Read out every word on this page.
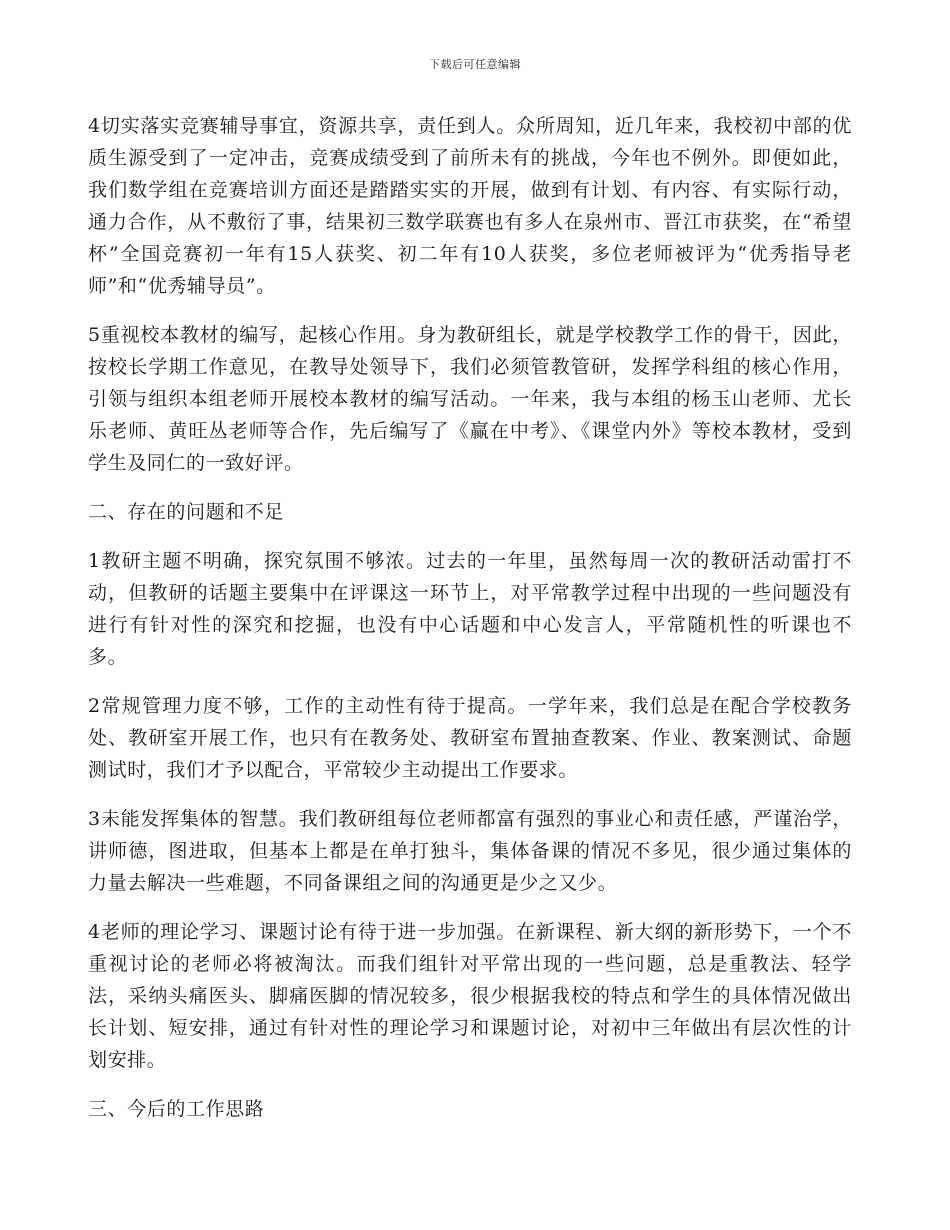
下载后可任意编辑

4切实落实竞赛辅导事宜，资源共享，责任到人。众所周知，近几年来，我校初中部的优质生源受到了一定冲击，竞赛成绩受到了前所未有的挑战，今年也不例外。即便如此，我们数学组在竞赛培训方面还是踏踏实实的开展，做到有计划、有内容、有实际行动，通力合作，从不敷衍了事，结果初三数学联赛也有多人在泉州市、晋江市获奖，在“希望杯”全国竞赛初一年有15人获奖、初二年有10人获奖，多位老师被评为“优秀指导老师”和“优秀辅导员”。

5重视校本教材的编写，起核心作用。身为教研组长，就是学校教学工作的骨干，因此，按校长学期工作意见，在教导处领导下，我们必须管教管研，发挥学科组的核心作用，引领与组织本组老师开展校本教材的编写活动。一年来，我与本组的杨玉山老师、尤长乐老师、黄旺丛老师等合作，先后编写了《赢在中考》、《课堂内外》等校本教材，受到学生及同仁的一致好评。

二、存在的问题和不足

1教研主题不明确，探究氛围不够浓。过去的一年里，虽然每周一次的教研活动雷打不动，但教研的话题主要集中在评课这一环节上，对平常教学过程中出现的一些问题没有进行有针对性的深究和挖掘，也没有中心话题和中心发言人，平常随机性的听课也不多。

2常规管理力度不够，工作的主动性有待于提高。一学年来，我们总是在配合学校教务处、教研室开展工作，也只有在教务处、教研室布置抽查教案、作业、教案测试、命题测试时，我们才予以配合，平常较少主动提出工作要求。

3未能发挥集体的智慧。我们教研组每位老师都富有强烈的事业心和责任感，严谨治学，讲师德，图进取，但基本上都是在单打独斗，集体备课的情况不多见，很少通过集体的力量去解决一些难题，不同备课组之间的沟通更是少之又少。

4老师的理论学习、课题讨论有待于进一步加强。在新课程、新大纲的新形势下，一个不重视讨论的老师必将被淘汰。而我们组针对平常出现的一些问题，总是重教法、轻学法，采纳头痛医头、脚痛医脚的情况较多，很少根据我校的特点和学生的具体情况做出长计划、短安排，通过有针对性的理论学习和课题讨论，对初中三年做出有层次性的计划安排。

三、今后的工作思路
